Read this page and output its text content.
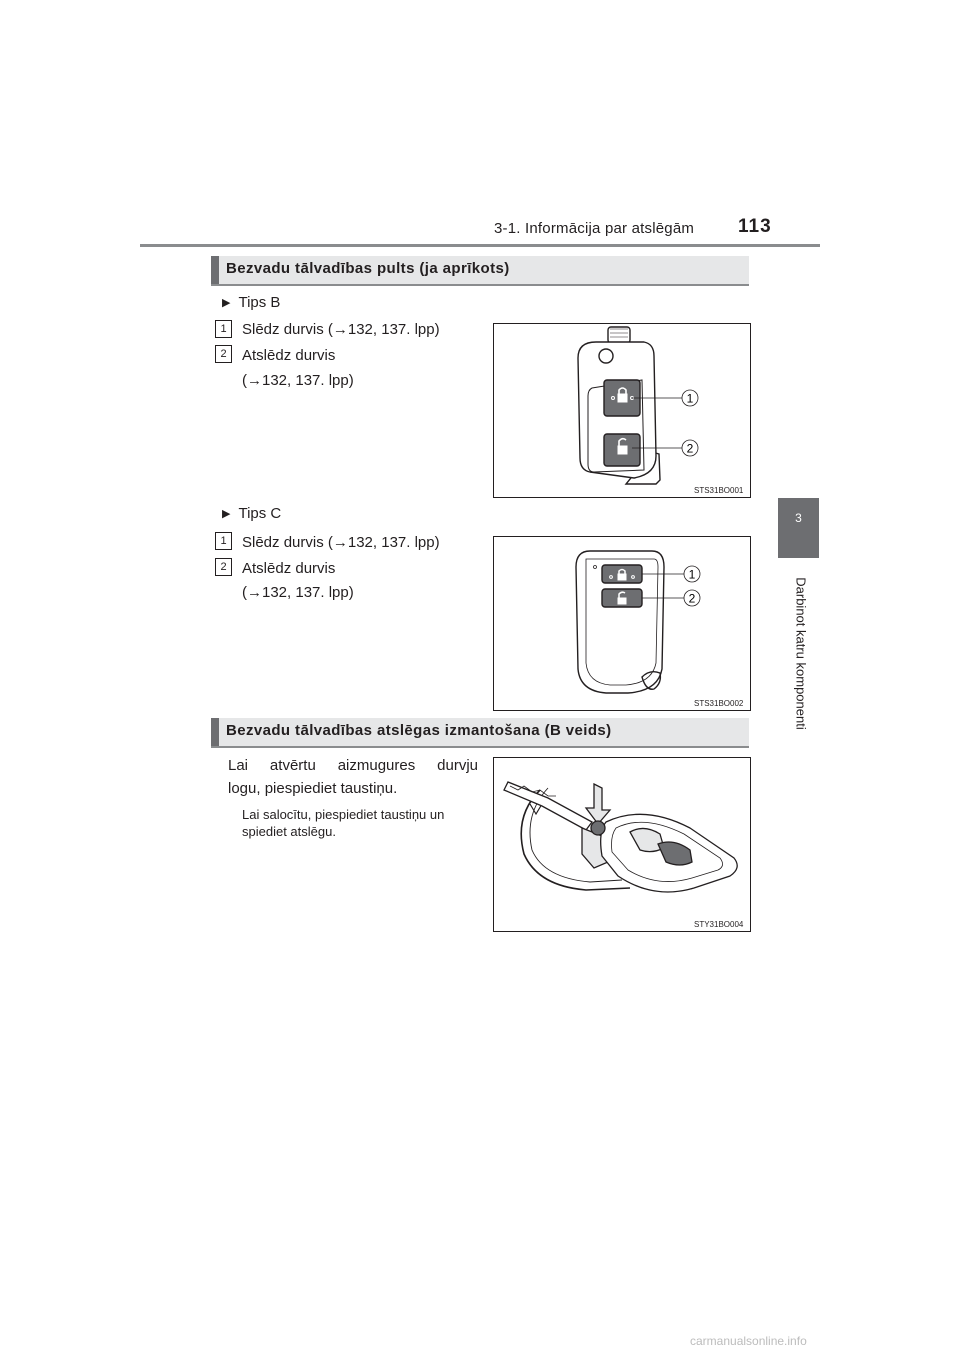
3-1. Informācija par atslēgām 113
3
Darbinot katru komponenti
Bezvadu tālvadības pults (ja aprīkots)
▶ Tips B
1	Slēdz durvis (→132, 137. lpp)
2	Atslēdz durvis
(→132, 137. lpp)
1
2
STS31BO001
▶ Tips C
1	Slēdz durvis (→132, 137. lpp)
2	Atslēdz durvis
(→132, 137. lpp)
1
2
STS31BO002
Bezvadu tālvadības atslēgas izmantošana (B veids)
Lai atvērtu aizmugures durvju
logu, piespiediet taustiņu.
Lai salocītu, piespiediet taustiņu un
spiediet atslēgu.
STY31BO004
carmanualsonline.info
